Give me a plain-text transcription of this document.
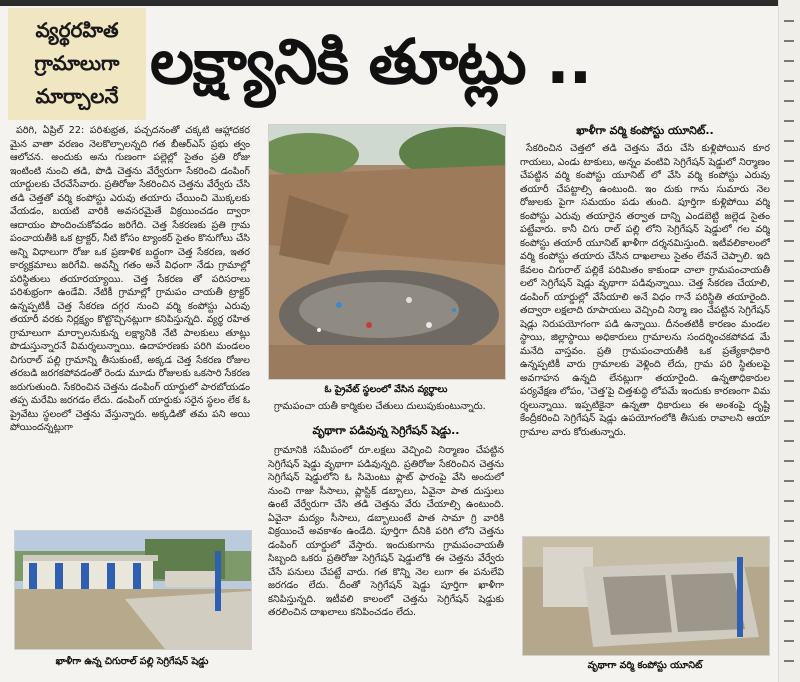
వ్యర్థరహిత
గ్రామాలుగా
మార్చాలనే లక్ష్యానికి తూట్లు ..

పరిగి, ఏప్రిల్ 22: పరిశుభ్రత, పచ్చదనంతో చక్కటి ఆహ్లాదకర మైన వాతా వరణం నెలకొల్పాలన్నది గత బీఆర్ఎస్ ప్రభు త్వం ఆలోచన. అందుకు అను గుణంగా పల్లెల్లో సైతం ప్రతి రోజు ఇంటింటి నుంచి తడి, పొడి చెత్తను వేర్వేరుగా సేకరించి డంపింగ్ యార్డులకు చేరవేసేవారు. ప్రతిరోజు సేకరించిన చెత్తను వేర్వేరు చేసి తడి చెత్తతో వర్మి కంపోస్టు ఎరువు తయారు చేయించి మొక్కలకు వేయడం, బయటి వారికి అవసరమైతే విక్రయించడం ద్వారా ఆదాయం పొందించుకోవడం జరిగేది. చెత్త సేకరణకు ప్రతి గ్రామ పంచాయతీకి ఒక ట్రాక్టర్, నీటి కోసం ట్యాంకర్ సైతం కొనుగోలు చేసి అన్ని విధాలుగా రోజు ఒక ప్రణాళిక బద్ధంగా చెత్త సేకరణ, ఇతర కార్యక్రమాలు జరిగేవి. అవన్నీ గతం అనే విధంగా నేడు గ్రామాల్లో పరిస్థితులు తయారయ్యాయి. చెత్త సేకరణ తో పరిసరాలు పరిశుభ్రంగా ఉండేవి. నేటికీ గ్రామాల్లో గ్రామపం చాయతీ ట్రాక్టర్ ఉన్నప్పటికీ చెత్త సేకరణ దగ్గర నుంచి వర్మి కంపోస్టు ఎరువు తయారీ వరకు నిర్లక్ష్యం కొట్టొచ్చినట్లుగా కనిపిస్తున్నది. వ్యర్థ రహిత గ్రామాలుగా మార్చాలనుకున్న లక్ష్యానికి నేటి పాలకులు తూట్లు పొడుస్తున్నారనే విమర్శలున్నాయి. ఉదాహరణకు పరిగి మండలం చిగురాల్ పల్లి గ్రామాన్ని తీసుకుంటే, అక్కడ చెత్త సేకరణ రోజుల తరబడి జరగకపోవడంతో రెండు మూడు రోజులకు ఒకసారి సేకరణ జరుగుతుంది. సేకరించిన చెత్తను డంపింగ్ యార్డులో పారబోయడం తప్ప మరేమి జరగడం లేదు. డంపింగ్ యార్డుకు సరైన స్థలం లేక ఓ ప్రైవేటు స్థలంలో చెత్తను వేస్తున్నారు. అక్కడితో తమ పని అయి పోయిందన్నట్లుగా

ఖాళీగా ఉన్న చిగురాల్ పల్లి సెగ్రిగేషన్ షెడ్డు
ఓ ప్రైవేట్ స్థలంలో వేసిన వ్యర్థాలు

గ్రామపంచా యతీ కార్మికుల చేతులు దులుపుకుంటున్నారు.

వృథాగా పడివున్న సెగ్రిగేషన్ షెడ్డు..

గ్రామానికి సమీపంలో రూ.లక్షలు వెచ్చించి నిర్మాణం చేపట్టిన సెగ్రిగేషన్ షెడ్డు వృథాగా పడివున్నది. ప్రతిరోజు సేకరించిన చెత్తను సెగ్రిగేషన్ షెడ్డులోని ఓ సిమెంటు ప్లాట్ ఫారంపై వేసి అందులో నుంచి గాజు సీసాలు, ప్లాస్టిక్ డబ్బాలు, ఏవైనా పాత దుస్తులు ఉంటే వేర్వేరుగా చేసి తడి చెత్తను వేరు చేయాల్సి ఉంటుంది. ఏవైనా మద్యం సీసాలు, డబ్బాలుంటే పాత సామా గ్రి వారికి విక్రయించే అవకాశం ఉండేది. పూర్తిగా దీనికి పరిగి లోని చెత్తను డంపింగ్ యార్డులో వేస్తారు. ఇందుకుగాను గ్రామపంచాయతీ సిబ్బంది ఒకరు ప్రతిరోజు సెగ్రిగేషన్ షెడ్డులోకి ఈ చెత్తను వేర్వేరు చేసే పనులు చేపట్టే వారు. గత కొన్ని నెల లుగా ఈ పనులేవి జరగడం లేదు. దీంతో సెగ్రిగేషన్ షెడ్డు పూర్తిగా ఖాళీగా కనిపిస్తున్నది. ఇటీవలి కాలంలో చెత్తను సెగ్రిగేషన్ షెడ్డుకు తరలించిన దాఖలాలు కనిపించడం లేదు.

ఖాళీగా వర్మి కంపోస్టు యూనిట్..

సేకరించిన చెత్తలో తడి చెత్తను వేరు చేసి కుళ్లిపోయిన కూర గాయలు, ఎండు టాకులు, అన్నం వంటివి సెగ్రిగేషన్ షెడ్డులో నిర్మాణం చేపట్టిన వర్మి కంపోస్టు యూనిట్ లో వేసి వర్మి కంపోస్టు ఎరువు తయారీ చేపట్టాల్సి ఉంటుంది. ఇం దుకు గాను సుమారు నెల రోజులకు పైగా సమయం పడు తుంది. పూర్తిగా కుళ్లిపోయి వర్మి కంపోస్టు ఎరువు తయారైన తర్వాత దాన్ని ఎండబెట్టి జల్లెడ సైతం పట్టేవారు. కానీ చిగు రాల్ పల్లి లోని సెగ్రిగేషన్ షెడ్డులో గల వర్మి కంపోస్టు తయారీ యూనిట్ ఖాళీగా దర్శనమిస్తుంది. ఇటీవలికాలంలో వర్మి కంపోస్టు తయారు చేసిన దాఖలాలు సైతం లేవనే చెప్పాలి. ఇది కేవలం చిగురాల్ పల్లికే పరిమితం కాకుండా చాలా గ్రామపంచాయతీ లలో సెగ్రిగేషన్ షెడ్లు వృథాగా పడివున్నాయి. చెత్త సేకరణ చేయాలి, డంపింగ్ యార్డుల్లో వేసేయాలి అనే విధం గానే పరిస్థితి తయారైంది. తద్వారా లక్షలాది రూపాయలు వెచ్చించి నిర్మా ణం చేపట్టిన సెగ్రిగేషన్ షెడ్లు నిరుపయోగంగా పడి ఉన్నాయి. దీనంతటికీ కారణం మండల స్థాయి, జిల్లాస్థాయి అధికారులు గ్రామాలను సందర్శించకపోవడ మే మనేది వాస్తవం. ప్రతి గ్రామపంచాయతీకి ఒక ప్రత్యేకాధికారి ఉన్నప్పటికీ వారు గ్రామాలకు వెళ్లింది లేదు, గ్రామ పరి స్థితులపై అవగాహన ఉన్నది లేనట్లుగా తయారైంది. ఉన్నతాధికారుల పర్యవేక్షణ లోపం, 'చెత్త'పై చిత్తశుద్ధి లోపమే ఇందుకు కారణంగా విమ ర్శలున్నాయి. ఇప్పటికైనా ఉన్నతా ధికారులు ఈ అంశంపై దృష్టి కేంద్రీకరించి సెగ్రిగేషన్ షెడ్లు ఉపయోగంలోకి తీసుకు రావాలని ఆయా గ్రామాల వారు కోరుతున్నారు.

వృథాగా వర్మి కంపోస్టు యూనిట్
